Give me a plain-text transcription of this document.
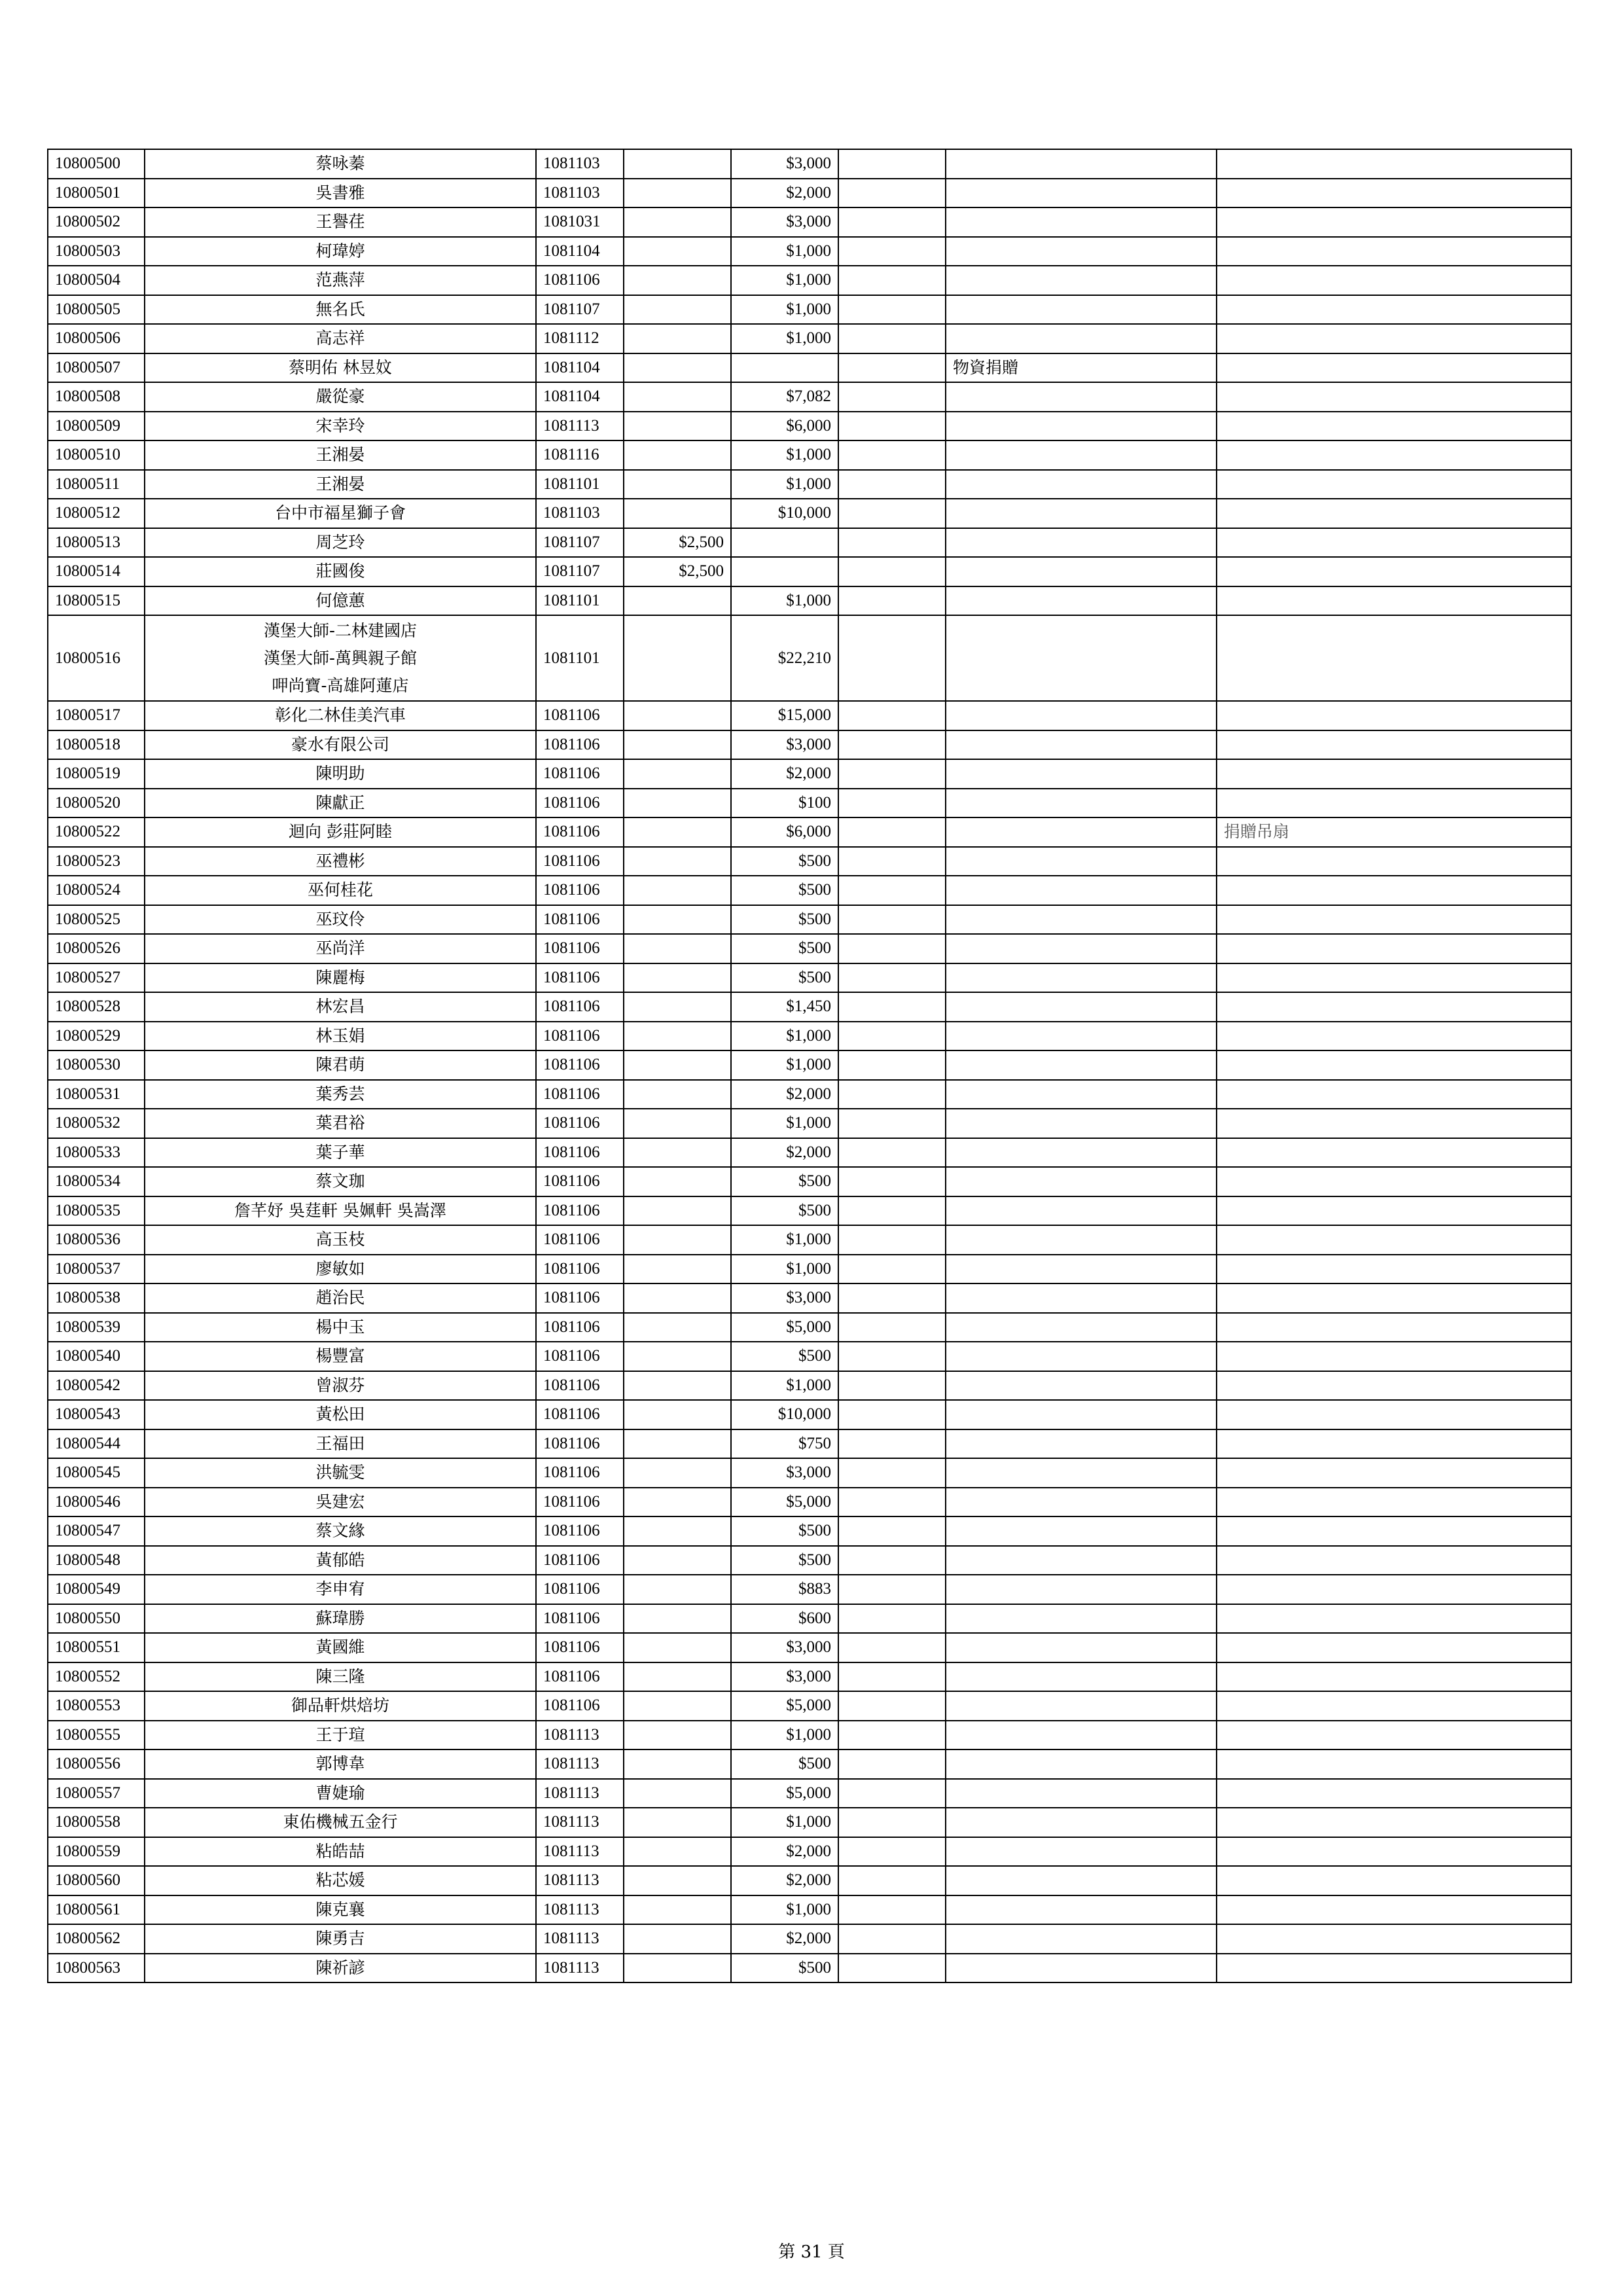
10800500	蔡咏蓁	1081103		$3,000			
10800501	吳書雅	1081103		$2,000			
10800502	王譽荏	1081031		$3,000			
10800503	柯瑋婷	1081104		$1,000			
10800504	范燕萍	1081106		$1,000			
10800505	無名氏	1081107		$1,000			
10800506	高志祥	1081112		$1,000			
10800507	蔡明佑 林昱妏	1081104				物資捐贈	
10800508	嚴從豪	1081104		$7,082			
10800509	宋幸玲	1081113		$6,000			
10800510	王湘晏	1081116		$1,000			
10800511	王湘晏	1081101		$1,000			
10800512	台中市福星獅子會	1081103		$10,000			
10800513	周芝玲	1081107	$2,500				
10800514	莊國俊	1081107	$2,500				
10800515	何億蕙	1081101		$1,000			
10800516	漢堡大師-二林建國店
漢堡大師-萬興親子館
呷尚寶-高雄阿蓮店	1081101		$22,210			
10800517	彰化二林佳美汽車	1081106		$15,000			
10800518	豪水有限公司	1081106		$3,000			
10800519	陳明助	1081106		$2,000			
10800520	陳獻正	1081106		$100			
10800522	迴向 彭莊阿睦	1081106		$6,000			捐贈吊扇
10800523	巫禮彬	1081106		$500			
10800524	巫何桂花	1081106		$500			
10800525	巫玟伶	1081106		$500			
10800526	巫尚洋	1081106		$500			
10800527	陳麗梅	1081106		$500			
10800528	林宏昌	1081106		$1,450			
10800529	林玉娟	1081106		$1,000			
10800530	陳君萌	1081106		$1,000			
10800531	葉秀芸	1081106		$2,000			
10800532	葉君裕	1081106		$1,000			
10800533	葉子華	1081106		$2,000			
10800534	蔡文珈	1081106		$500			
10800535	詹芊妤 吳莛軒 吳姵軒 吳嵩澤	1081106		$500			
10800536	高玉枝	1081106		$1,000			
10800537	廖敏如	1081106		$1,000			
10800538	趙治民	1081106		$3,000			
10800539	楊中玉	1081106		$5,000			
10800540	楊豐富	1081106		$500			
10800542	曾淑芬	1081106		$1,000			
10800543	黃松田	1081106		$10,000			
10800544	王福田	1081106		$750			
10800545	洪毓雯	1081106		$3,000			
10800546	吳建宏	1081106		$5,000			
10800547	蔡文緣	1081106		$500			
10800548	黃郁皓	1081106		$500			
10800549	李申宥	1081106		$883			
10800550	蘇瑋勝	1081106		$600			
10800551	黃國維	1081106		$3,000			
10800552	陳三隆	1081106		$3,000			
10800553	御品軒烘焙坊	1081106		$5,000			
10800555	王于瑄	1081113		$1,000			
10800556	郭博韋	1081113		$500			
10800557	曹婕瑜	1081113		$5,000			
10800558	東佑機械五金行	1081113		$1,000			
10800559	粘皓喆	1081113		$2,000			
10800560	粘芯媛	1081113		$2,000			
10800561	陳克襄	1081113		$1,000			
10800562	陳勇吉	1081113		$2,000			
10800563	陳祈諺	1081113		$500			
第 31 頁
